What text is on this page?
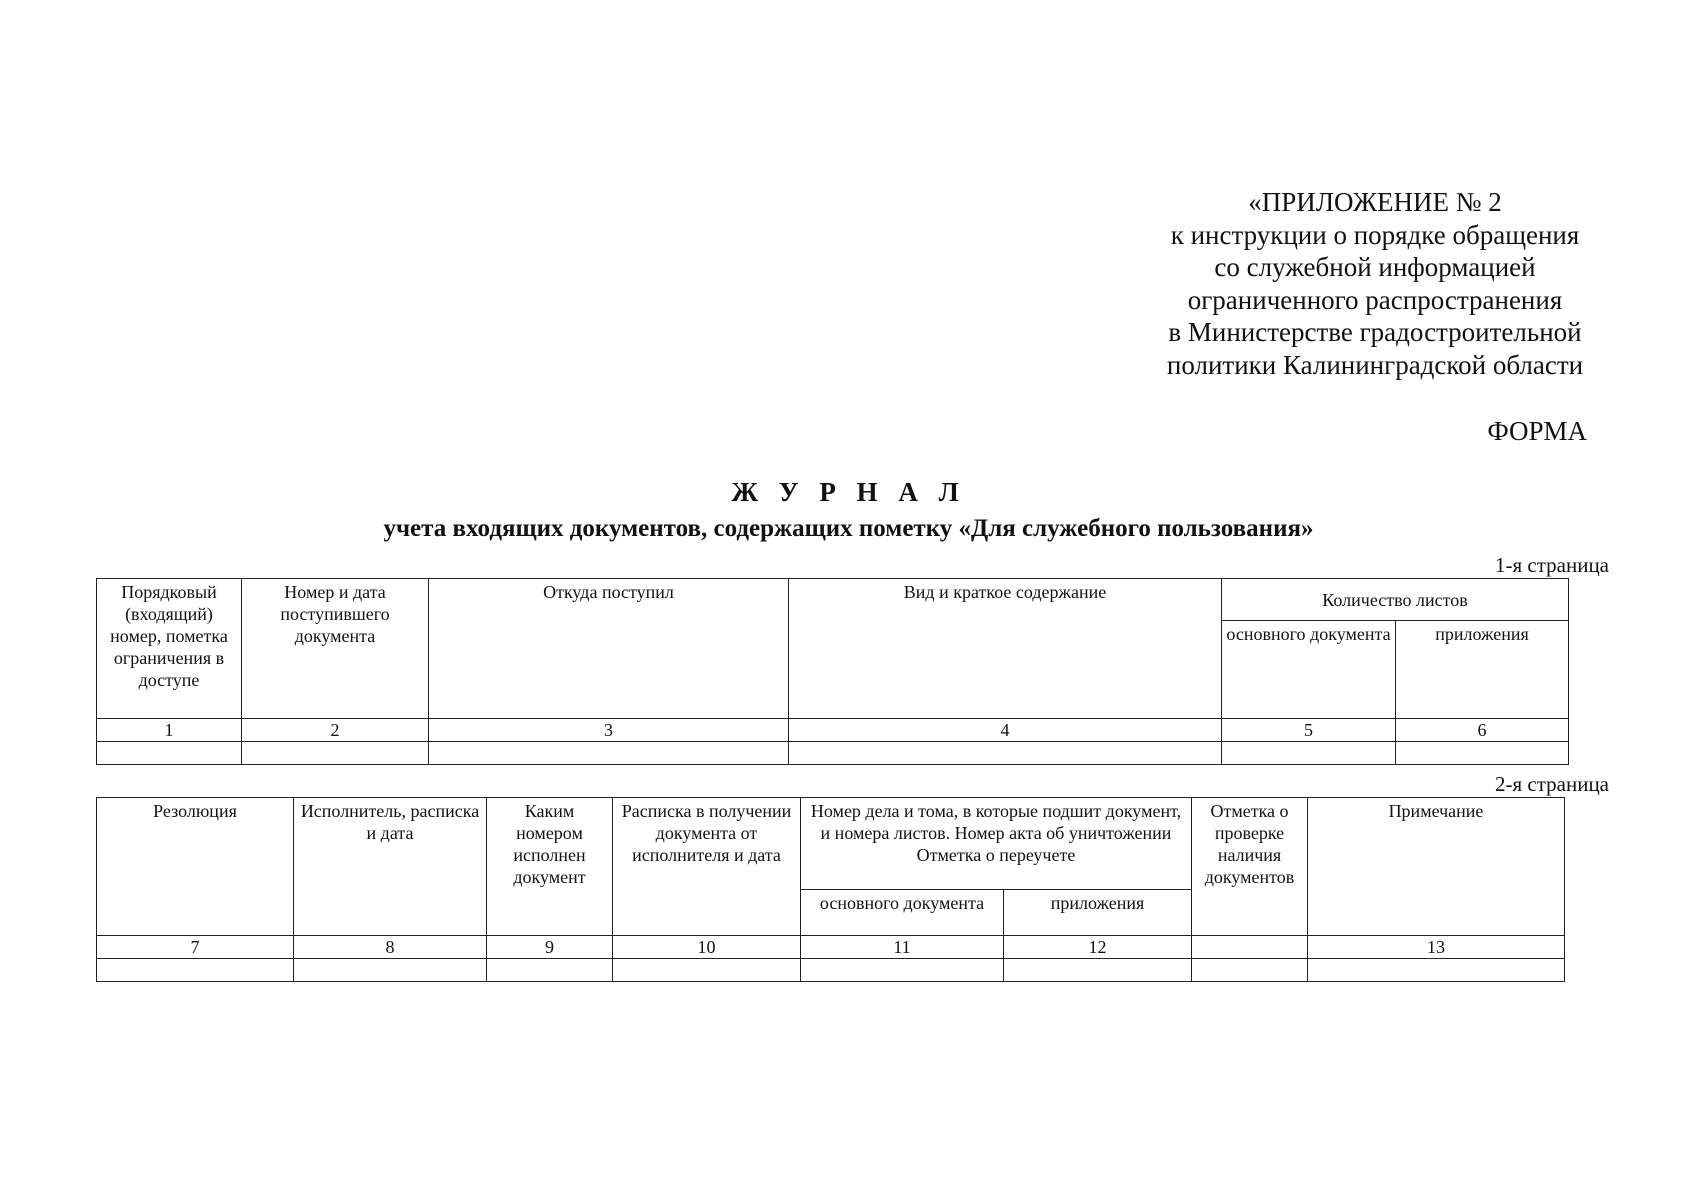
«ПРИЛОЖЕНИЕ № 2
к инструкции о порядке обращения
со служебной информацией
ограниченного распространения
в Министерстве градостроительной
политики Калининградской области
ФОРМА
Ж У Р Н А Л
учета входящих документов, содержащих пометку «Для служебного пользования»
1-я страница
Порядковый (входящий) номер, пометка ограничения в доступе	Номер и дата поступившего документа	Откуда поступил	Вид и краткое содержание	Количество листов	
				основного документа	приложения
1	2	3	4	5	6

2-я страница
Резолюция	Исполнитель, расписка и дата	Каким номером исполнен документ	Расписка в получении документа от исполнителя и дата	Номер дела и тома, в которые подшит документ, и номера листов. Номер акта об уничтожении Отметка о переучете		Отметка о проверке наличия документов	Примечание
				основного документа	приложения		
7	8	9	10	11	12		13
